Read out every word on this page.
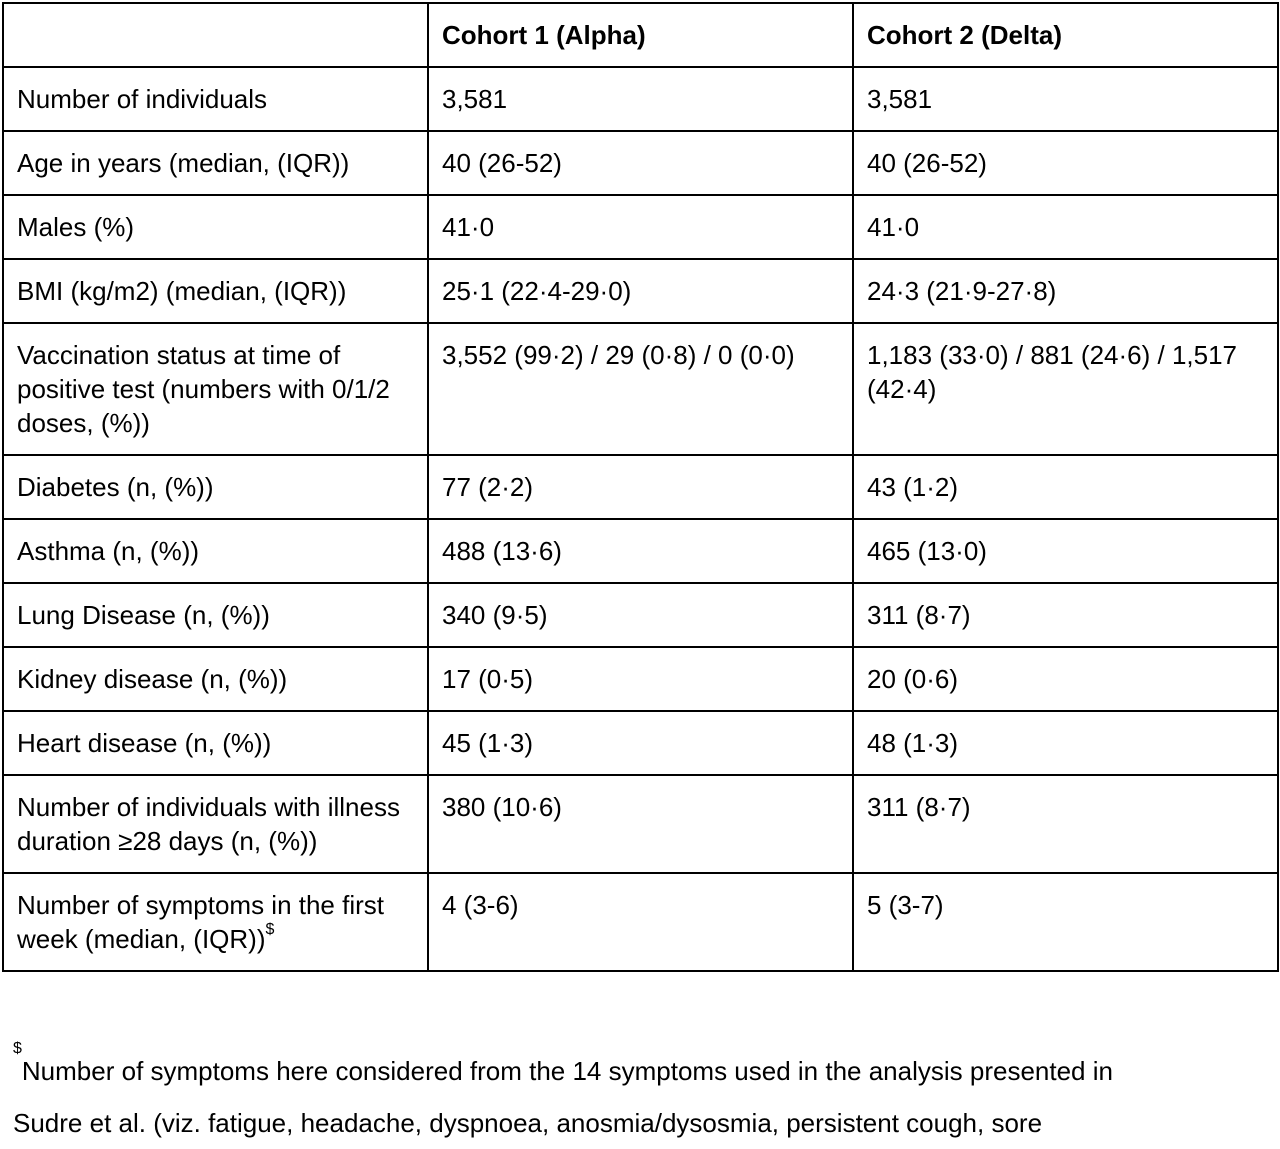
	Cohort 1 (Alpha)	Cohort 2 (Delta)
Number of individuals	3,581	3,581
Age in years (median, (IQR))	40 (26-52)	40 (26-52)
Males (%)	41·0	41·0
BMI (kg/m2) (median, (IQR))	25·1 (22·4-29·0)	24·3 (21·9-27·8)
Vaccination status at time of positive test (numbers with 0/1/2 doses, (%))	3,552 (99·2) / 29 (0·8) / 0 (0·0)	1,183 (33·0) / 881 (24·6) / 1,517 (42·4)
Diabetes (n, (%))	77 (2·2)	43 (1·2)
Asthma (n, (%))	488 (13·6)	465 (13·0)
Lung Disease (n, (%))	340 (9·5)	311 (8·7)
Kidney disease (n, (%))	17 (0·5)	20 (0·6)
Heart disease (n, (%))	45 (1·3)	48 (1·3)
Number of individuals with illness duration ≥28 days (n, (%))	380 (10·6)	311 (8·7)
Number of symptoms in the first week (median, (IQR))$	4 (3-6)	5 (3-7)
$Number of symptoms here considered from the 14 symptoms used in the analysis presented in
Sudre et al. (viz. fatigue, headache, dyspnoea, anosmia/dysosmia, persistent cough, sore
